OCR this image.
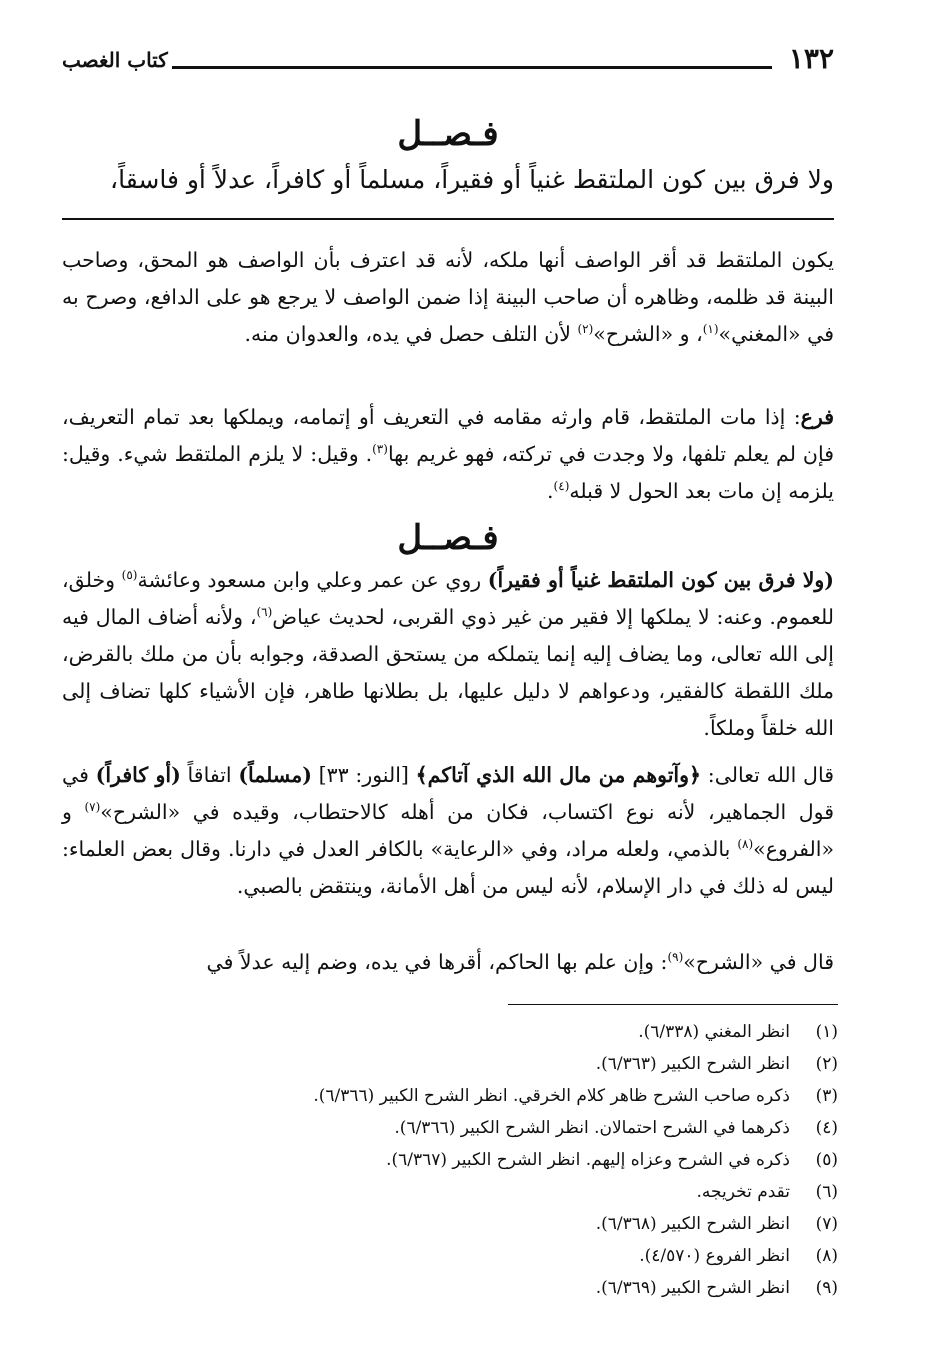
١٣٢
كتاب الغصب
فـصــل
ولا فرق بين كون الملتقط غنياً أو فقيراً، مسلماً أو كافراً، عدلاً أو فاسقاً،

يكون الملتقط قد أقر الواصف أنها ملكه، لأنه قد اعترف بأن الواصف هو المحق، وصاحب البينة قد ظلمه، وظاهره أن صاحب البينة إذا ضمن الواصف لا يرجع هو على الدافع، وصرح به في «المغني»$^{(١)}$، و «الشرح»$^{(٢)}$ لأن التلف حصل في يده، والعدوان منه.

فرع: إذا مات الملتقط، قام وارثه مقامه في التعريف أو إتمامه، ويملكها بعد تمام التعريف، فإن لم يعلم تلفها، ولا وجدت في تركته، فهو غريم بها$^{(٣)}$. وقيل: لا يلزم الملتقط شيء. وقيل: يلزمه إن مات بعد الحول لا قبله$^{(٤)}$.

فـصــل

(ولا فرق بين كون الملتقط غنياً أو فقيراً) روي عن عمر وعلي وابن مسعود وعائشة$^{(٥)}$ وخلق، للعموم. وعنه: لا يملكها إلا فقير من غير ذوي القربى، لحديث عياض$^{(٦)}$، ولأنه أضاف المال فيه إلى الله تعالى، وما يضاف إليه إنما يتملكه من يستحق الصدقة، وجوابه بأن من ملك بالقرض، ملك اللقطة كالفقير، ودعواهم لا دليل عليها، بل بطلانها طاهر، فإن الأشياء كلها تضاف إلى الله خلقاً وملكاً.

قال الله تعالى: ﴿وآتوهم من مال الله الذي آتاكم﴾ [النور: ٣٣] (مسلماً) اتفاقاً (أو كافراً) في قول الجماهير، لأنه نوع اكتساب، فكان من أهله كالاحتطاب، وقيده في «الشرح»$^{(٧)}$ و «الفروع»$^{(٨)}$ بالذمي، ولعله مراد، وفي «الرعاية» بالكافر العدل في دارنا. وقال بعض العلماء: ليس له ذلك في دار الإسلام، لأنه ليس من أهل الأمانة، وينتقض بالصبي.

قال في «الشرح»$^{(٩)}$: وإن علم بها الحاكم، أقرها في يده، وضم إليه عدلاً في

(١)انظر المغني (٦/٣٣٨).
(٢)انظر الشرح الكبير (٦/٣٦٣).
(٣)ذكره صاحب الشرح ظاهر كلام الخرقي. انظر الشرح الكبير (٦/٣٦٦).
(٤)ذكرهما في الشرح احتمالان. انظر الشرح الكبير (٦/٣٦٦).
(٥)ذكره في الشرح وعزاه إليهم. انظر الشرح الكبير (٦/٣٦٧).
(٦)تقدم تخريجه.
(٧)انظر الشرح الكبير (٦/٣٦٨).
(٨)انظر الفروع (٤/٥٧٠).
(٩)انظر الشرح الكبير (٦/٣٦٩).
